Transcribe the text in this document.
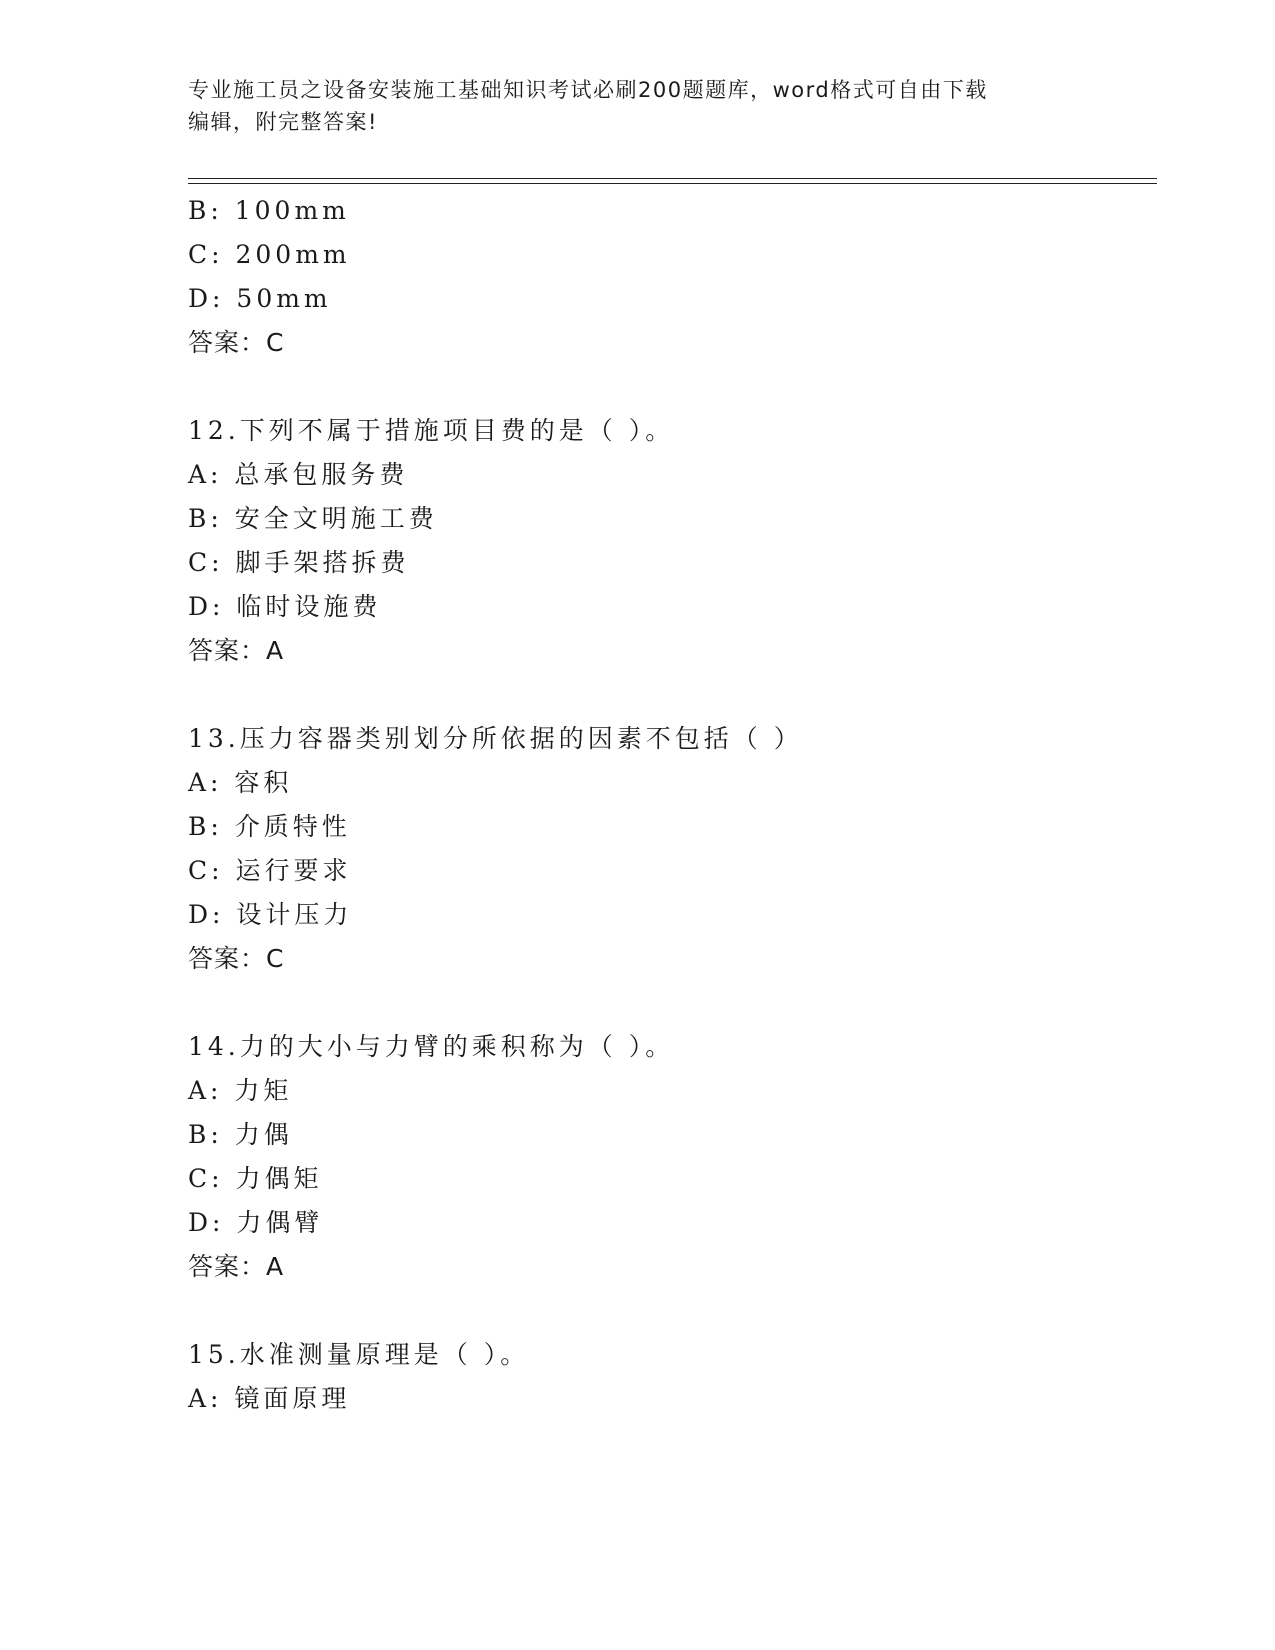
专业施工员之设备安装施工基础知识考试必刷200题题库，word格式可自由下载
编辑，附完整答案!
B: 100mm
C: 200mm
D: 50mm
答案：C
12.下列不属于措施项目费的是（ ）。
A: 总承包服务费
B: 安全文明施工费
C: 脚手架搭拆费
D: 临时设施费
答案：A
13.压力容器类别划分所依据的因素不包括（ ）
A: 容积
B: 介质特性
C: 运行要求
D: 设计压力
答案：C
14.力的大小与力臂的乘积称为（ ）。
A: 力矩
B: 力偶
C: 力偶矩
D: 力偶臂
答案：A
15.水准测量原理是（ ）。
A: 镜面原理
